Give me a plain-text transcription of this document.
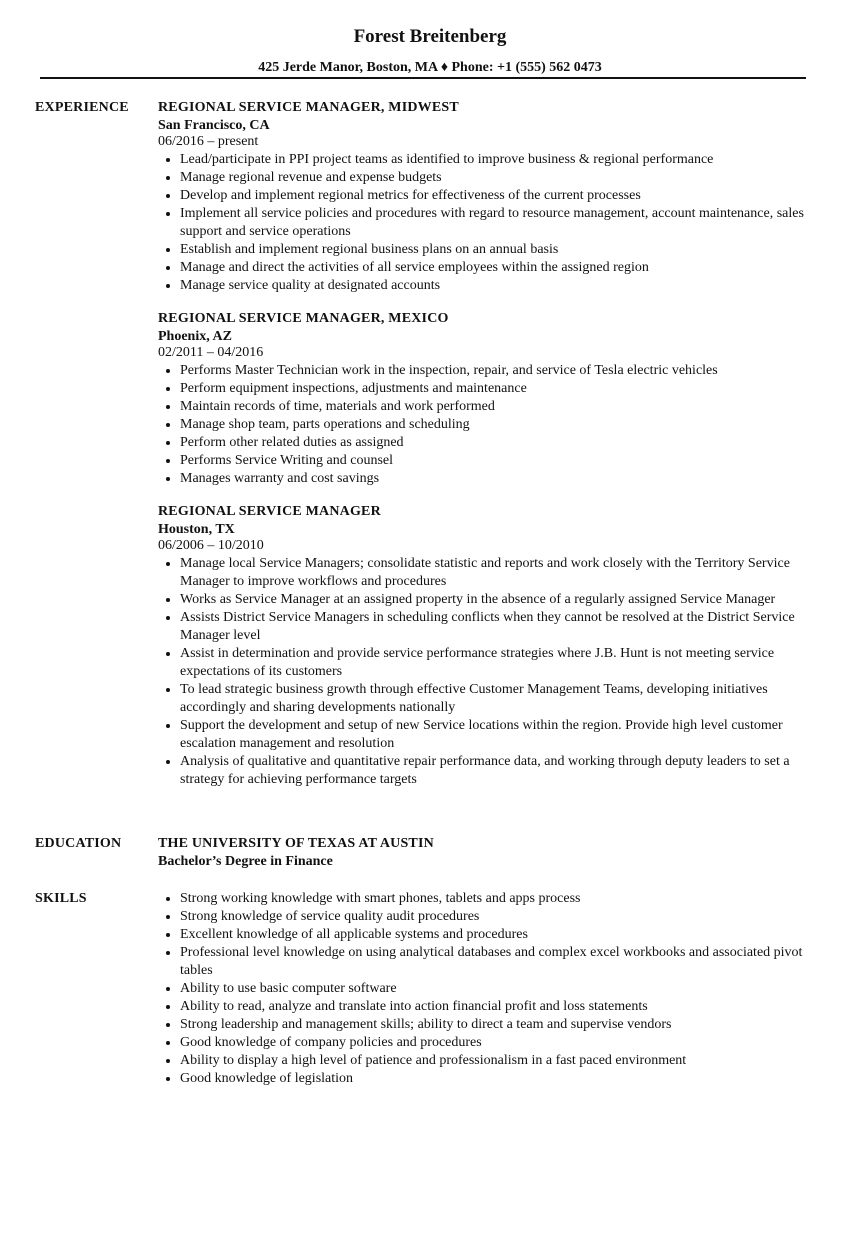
Forest Breitenberg
425 Jerde Manor, Boston, MA ♦ Phone: +1 (555) 562 0473
EXPERIENCE REGIONAL SERVICE MANAGER, MIDWEST
San Francisco, CA
06/2016 – present
• Lead/participate in PPI project teams as identified to improve business & regional performance
• Manage regional revenue and expense budgets
• Develop and implement regional metrics for effectiveness of the current processes
• Implement all service policies and procedures with regard to resource management, account maintenance, sales support and service operations
• Establish and implement regional business plans on an annual basis
• Manage and direct the activities of all service employees within the assigned region
• Manage service quality at designated accounts
REGIONAL SERVICE MANAGER, MEXICO
Phoenix, AZ
02/2011 – 04/2016
• Performs Master Technician work in the inspection, repair, and service of Tesla electric vehicles
• Perform equipment inspections, adjustments and maintenance
• Maintain records of time, materials and work performed
• Manage shop team, parts operations and scheduling
• Perform other related duties as assigned
• Performs Service Writing and counsel
• Manages warranty and cost savings
REGIONAL SERVICE MANAGER
Houston, TX
06/2006 – 10/2010
• Manage local Service Managers; consolidate statistic and reports and work closely with the Territory Service Manager to improve workflows and procedures
• Works as Service Manager at an assigned property in the absence of a regularly assigned Service Manager
• Assists District Service Managers in scheduling conflicts when they cannot be resolved at the District Service Manager level
• Assist in determination and provide service performance strategies where J.B. Hunt is not meeting service expectations of its customers
• To lead strategic business growth through effective Customer Management Teams, developing initiatives accordingly and sharing developments nationally
• Support the development and setup of new Service locations within the region. Provide high level customer escalation management and resolution
• Analysis of qualitative and quantitative repair performance data, and working through deputy leaders to set a strategy for achieving performance targets
EDUCATION	THE UNIVERSITY OF TEXAS AT AUSTIN
Bachelor’s Degree in Finance
SKILLS
•	Strong working knowledge with smart phones, tablets and apps process
• Strong knowledge of service quality audit procedures
• Excellent knowledge of all applicable systems and procedures
• Professional level knowledge on using analytical databases and complex excel workbooks and associated pivot tables
• Ability to use basic computer software
• Ability to read, analyze and translate into action financial profit and loss statements
• Strong leadership and management skills; ability to direct a team and supervise vendors
• Good knowledge of company policies and procedures
• Ability to display a high level of patience and professionalism in a fast paced environment
• Good knowledge of legislation
